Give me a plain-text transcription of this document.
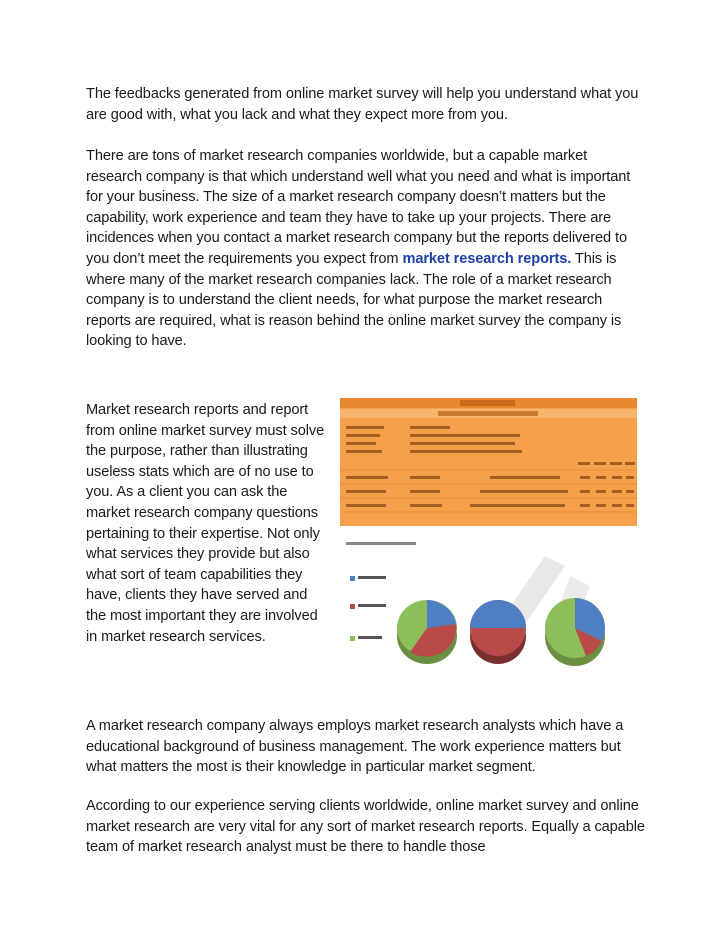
The feedbacks generated from online market survey will help you understand what you are good with, what you lack and what they expect more from you.

There are tons of market research companies worldwide, but a capable market research company is that which understand well what you need and what is important for your business. The size of a market research company doesn’t matters but the capability, work experience and team they have to take up your projects. There are incidences when you contact a market research company but the reports delivered to you don’t meet the requirements you expect from market research reports. This is where many of the market research companies lack. The role of a market research company is to understand the client needs, for what purpose the market research reports are required, what is reason behind the online market survey the company is looking to have.

Market research reports and report from online market survey must solve the purpose, rather than illustrating useless stats which are of no use to you. As a client you can ask the market research company questions pertaining to their expertise. Not only what services they provide but also what sort of team capabilities they have, clients they have served and the most important they are involved in market research services.

A market research company always employs market research analysts which have a educational background of business management. The work experience matters but what matters the most is their knowledge in particular market segment.

According to our experience serving clients worldwide, online market survey and online market research are very vital for any sort of market research reports. Equally a capable team of market research analyst must be there to handle those
